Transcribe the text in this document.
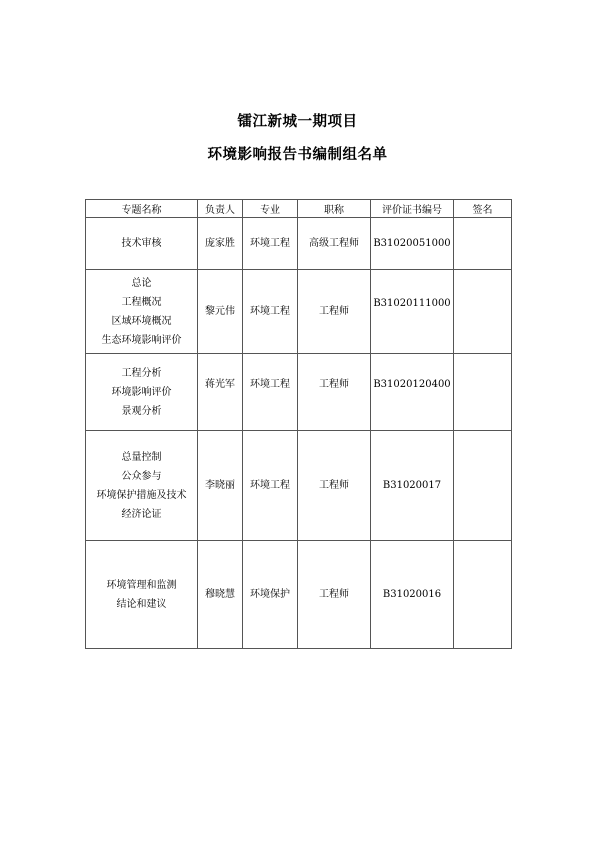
镭江新城一期项目
环境影响报告书编制组名单
专题名称	负责人	专业	职称	评价证书编号	签名

技术审核	庞家胜	环境工程	高级工程师	B31020051000	

总论
工程概况
区域环境概况
生态环境影响评价	黎元伟	环境工程	工程师	B31020111000	

工程分析
环境影响评价
景观分析	蒋光军	环境工程	工程师	B31020120400	

总量控制
公众参与
环境保护措施及技术
经济论证	李晓丽	环境工程	工程师	B31020017	

环境管理和监测
结论和建议	穆晓慧	环境保护	工程师	B31020016	
